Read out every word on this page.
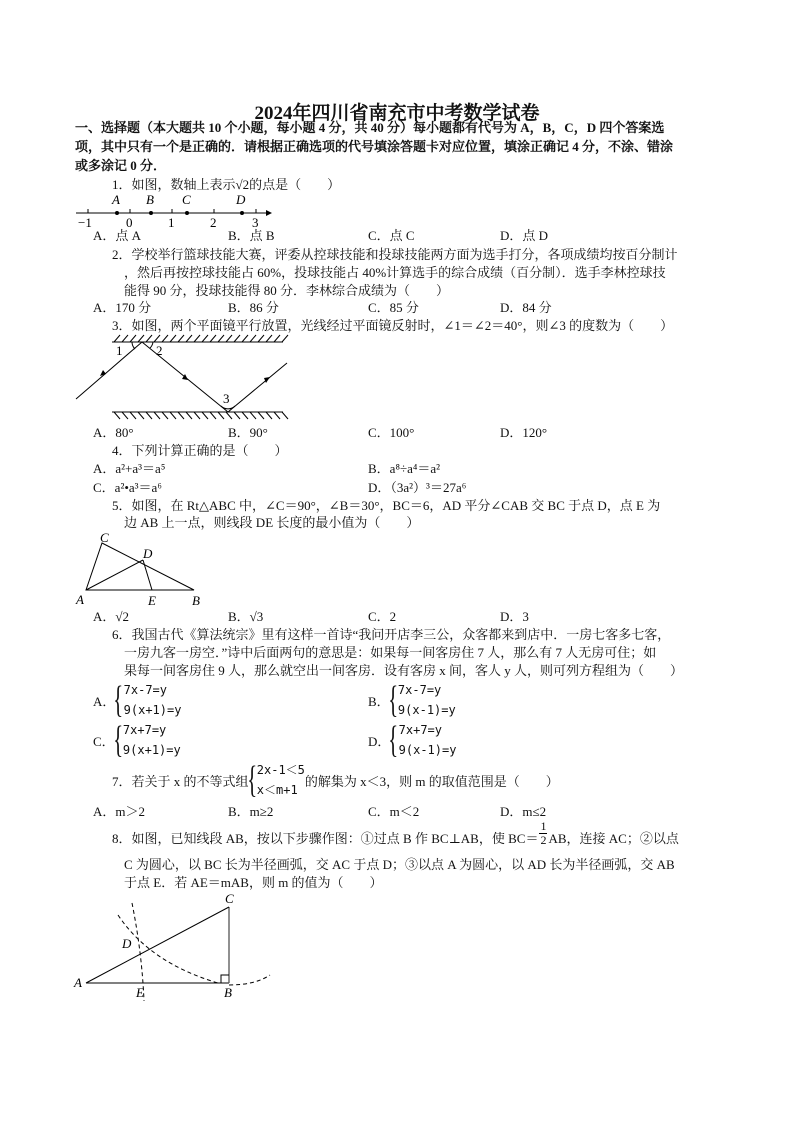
2024年四川省南充市中考数学试卷
一、选择题（本大题共 10 个小题，每小题 4 分，共 40 分）每小题都有代号为 A，B，C，D 四个答案选
项，其中只有一个是正确的．请根据正确选项的代号填涂答题卡对应位置，填涂正确记 4 分，不涂、错涂
或多涂记 0 分．
1．如图，数轴上表示√2的点是（　　）
A B C	D
−1	0	1	2	3
A．点 A	B．点 B	C．点 C	D．点 D
2．学校举行篮球技能大赛，评委从控球技能和投球技能两方面为选手打分，各项成绩均按百分制计
，然后再按控球技能占 60%，投球技能占 40%计算选手的综合成绩（百分制）．选手李林控球技
能得 90 分，投球技能得 80 分．李林综合成绩为（　　）
A．170 分	B．86 分	C．85 分	D．84 分
3．如图，两个平面镜平行放置，光线经过平面镜反射时，∠1＝∠2＝40°，则∠3 的度数为（　　）
1	2
3
A．80°	B．90°	C．100°	D．120°
4．下列计算正确的是（　　）
A．a²+a³＝a⁵	B．a⁸÷a⁴＝a²
C．a²•a³＝a⁶	D．（3a²）³＝27a⁶
5．如图，在 Rt△ABC 中，∠C＝90°，∠B＝30°，BC＝6，AD 平分∠CAB 交 BC 于点 D，点 E 为
边 AB 上一点，则线段 DE 长度的最小值为（　　）
A	B
C
D
E
A．√2	B．√3	C．2	D．3
6．我国古代《算法统宗》里有这样一首诗“我问开店李三公，众客都来到店中．一房七客多七客，
一房九客一房空．”诗中后面两句的意思是：如果每一间客房住 7 人，那么有 7 人无房可住；如
果每一间客房住 9 人，那么就空出一间客房．设有客房 x 间，客人 y 人，则可列方程组为（　　）
A．
{ 7x-7=y
9(x+1)=y
B．
{ 7x-7=y
9(x-1)=y
C．
{ 7x+7=y
9(x+1)=y
D．
{ 7x+7=y
9(x-1)=y
7．若关于 x 的不等式组
{ 2x-1＜5
x＜m+1
的解集为 x＜3，则 m 的取值范围是（　　）
A．m＞2	B．m≥2	C．m＜2	D．m≤2
8．如图，已知线段 AB，按以下步骤作图：①过点 B 作 BC⊥AB，使 $BC= \frac{1}{2}$ AB，连接 AC；②以点
C 为圆心，以 BC 长为半径画弧，交 AC 于点 D；③以点 A 为圆心，以 AD 长为半径画弧，交 AB
于点 E．若 AE＝mAB，则 m 的值为（　　）
A
B
C
D
E
